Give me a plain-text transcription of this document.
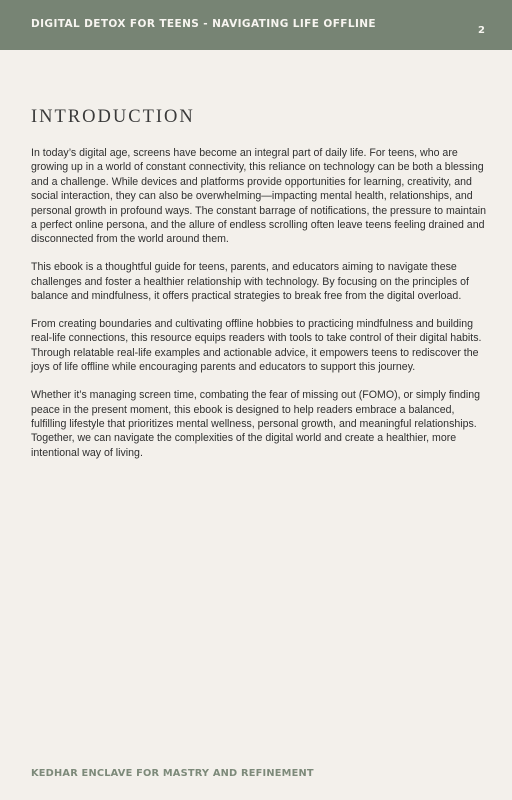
DIGITAL DETOX FOR TEENS - NAVIGATING LIFE OFFLINE
2
INTRODUCTION

In today’s digital age, screens have become an integral part of daily life. For teens, who are growing up in a world of constant connectivity, this reliance on technology can be both a blessing and a challenge. While devices and platforms provide opportunities for learning, creativity, and social interaction, they can also be overwhelming—impacting mental health, relationships, and personal growth in profound ways. The constant barrage of notifications, the pressure to maintain a perfect online persona, and the allure of endless scrolling often leave teens feeling drained and disconnected from the world around them.

This ebook is a thoughtful guide for teens, parents, and educators aiming to navigate these challenges and foster a healthier relationship with technology. By focusing on the principles of balance and mindfulness, it offers practical strategies to break free from the digital overload.

From creating boundaries and cultivating offline hobbies to practicing mindfulness and building real-life connections, this resource equips readers with tools to take control of their digital habits. Through relatable real-life examples and actionable advice, it empowers teens to rediscover the joys of life offline while encouraging parents and educators to support this journey.

Whether it’s managing screen time, combating the fear of missing out (FOMO), or simply finding peace in the present moment, this ebook is designed to help readers embrace a balanced, fulfilling lifestyle that prioritizes mental wellness, personal growth, and meaningful relationships. Together, we can navigate the complexities of the digital world and create a healthier, more intentional way of living.

KEDHAR ENCLAVE FOR MASTRY AND REFINEMENT
